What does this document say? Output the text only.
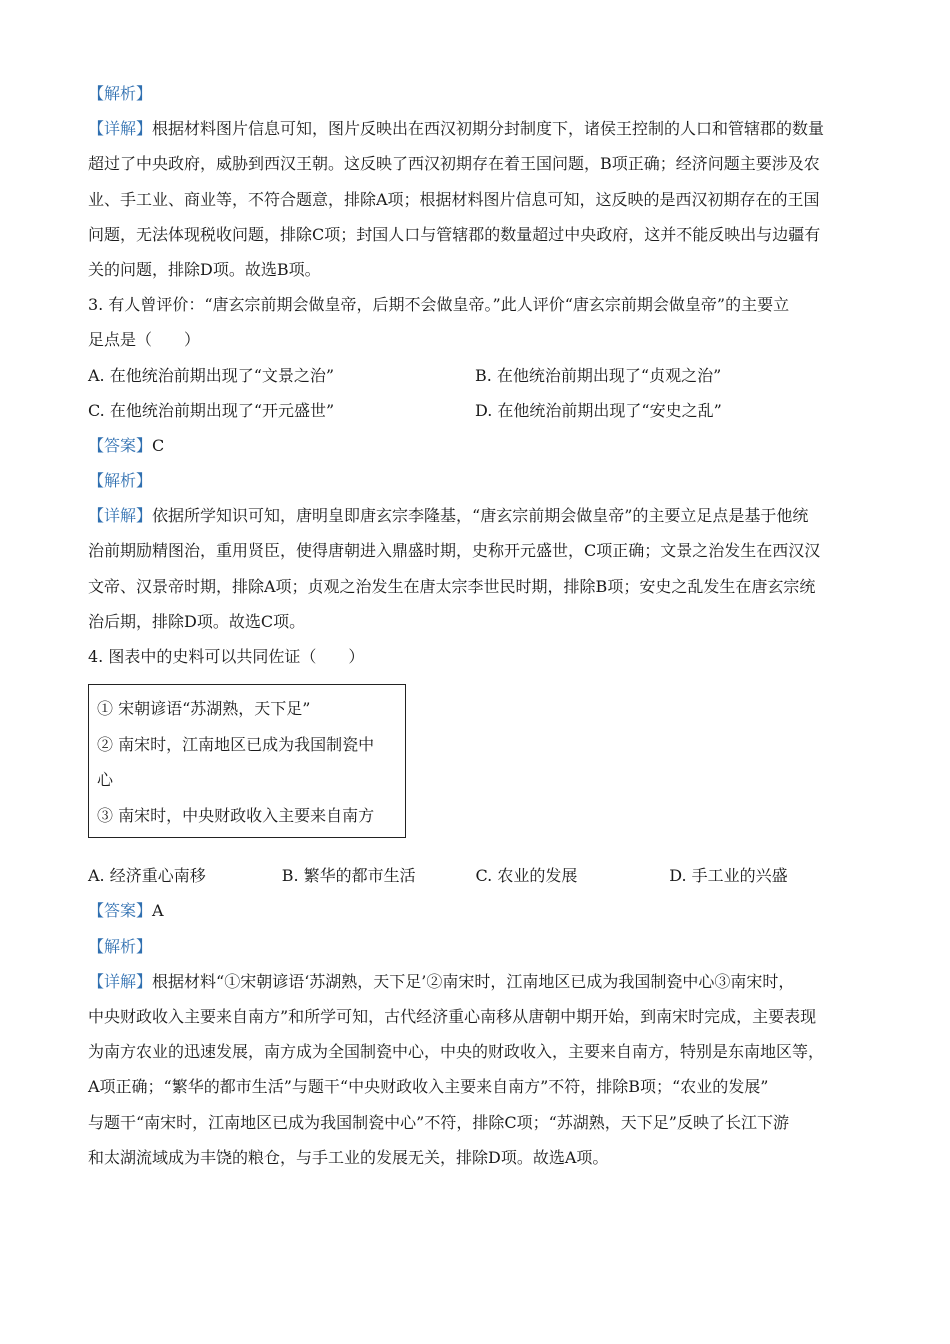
【解析】
【详解】根据材料图片信息可知，图片反映出在西汉初期分封制度下，诸侯王控制的人口和管辖郡的数量
超过了中央政府，威胁到西汉王朝。这反映了西汉初期存在着王国问题，B项正确；经济问题主要涉及农
业、手工业、商业等，不符合题意，排除A项；根据材料图片信息可知，这反映的是西汉初期存在的王国
问题，无法体现税收问题，排除C项；封国人口与管辖郡的数量超过中央政府，这并不能反映出与边疆有
关的问题，排除D项。故选B项。
3. 有人曾评价：“唐玄宗前期会做皇帝，后期不会做皇帝。”此人评价“唐玄宗前期会做皇帝”的主要立
足点是（　　）
A. 在他统治前期出现了“文景之治”	B. 在他统治前期出现了“贞观之治”
C. 在他统治前期出现了“开元盛世”	D. 在他统治前期出现了“安史之乱”
【答案】C
【解析】
【详解】依据所学知识可知，唐明皇即唐玄宗李隆基，“唐玄宗前期会做皇帝”的主要立足点是基于他统
治前期励精图治，重用贤臣，使得唐朝进入鼎盛时期，史称开元盛世，C项正确；文景之治发生在西汉汉
文帝、汉景帝时期，排除A项；贞观之治发生在唐太宗李世民时期，排除B项；安史之乱发生在唐玄宗统
治后期，排除D项。故选C项。
4. 图表中的史料可以共同佐证（　　）
① 宋朝谚语“苏湖熟，天下足”
② 南宋时，江南地区已成为我国制瓷中
心
③ 南宋时，中央财政收入主要来自南方
A. 经济重心南移	B. 繁华的都市生活	C. 农业的发展	D. 手工业的兴盛
【答案】A
【解析】
【详解】根据材料“①宋朝谚语‘苏湖熟，天下足’②南宋时，江南地区已成为我国制瓷中心③南宋时，
中央财政收入主要来自南方”和所学可知，古代经济重心南移从唐朝中期开始，到南宋时完成，主要表现
为南方农业的迅速发展，南方成为全国制瓷中心，中央的财政收入，主要来自南方，特别是东南地区等，
A项正确；“繁华的都市生活”与题干“中央财政收入主要来自南方”不符，排除B项；“农业的发展”
与题干“南宋时，江南地区已成为我国制瓷中心”不符，排除C项；“苏湖熟，天下足”反映了长江下游
和太湖流域成为丰饶的粮仓，与手工业的发展无关，排除D项。故选A项。
